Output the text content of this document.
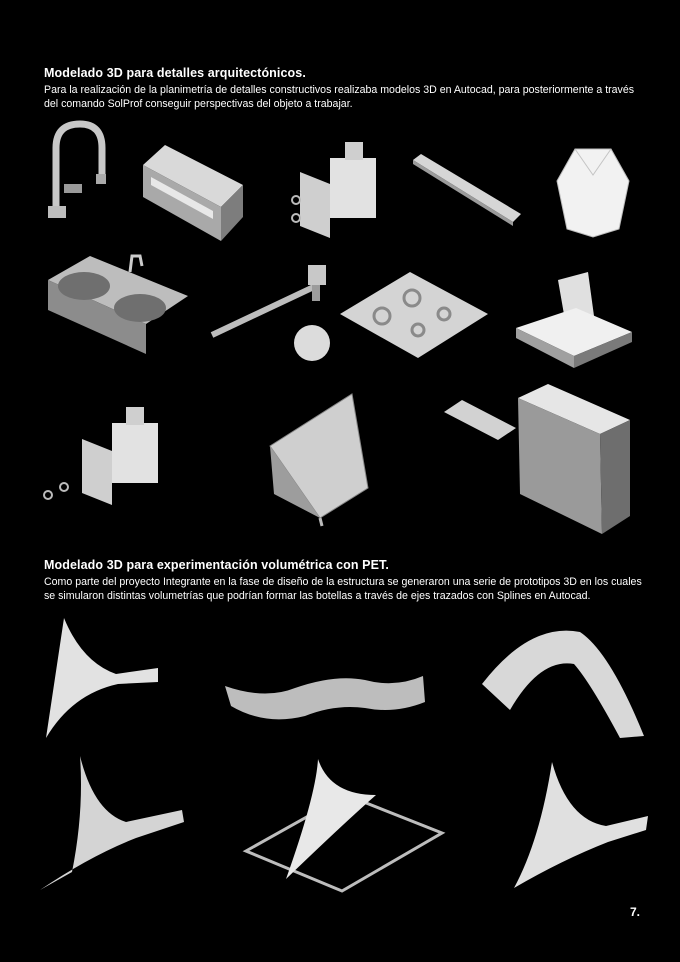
Modelado 3D para detalles arquitectónicos.

Para la realización de la planimetría de detalles constructivos realizaba modelos 3D en Autocad, para posteriormente a través del comando SolProf conseguir perspectivas del objeto a trabajar.

Modelado 3D para experimentación volumétrica con PET.

Como parte del proyecto Integrante en la fase de diseño de la estructura se generaron una serie de prototipos 3D en los cuales se simularon distintas volumetrías que podrían formar las botellas a través de ejes trazados con Splines en Autocad.

7.
